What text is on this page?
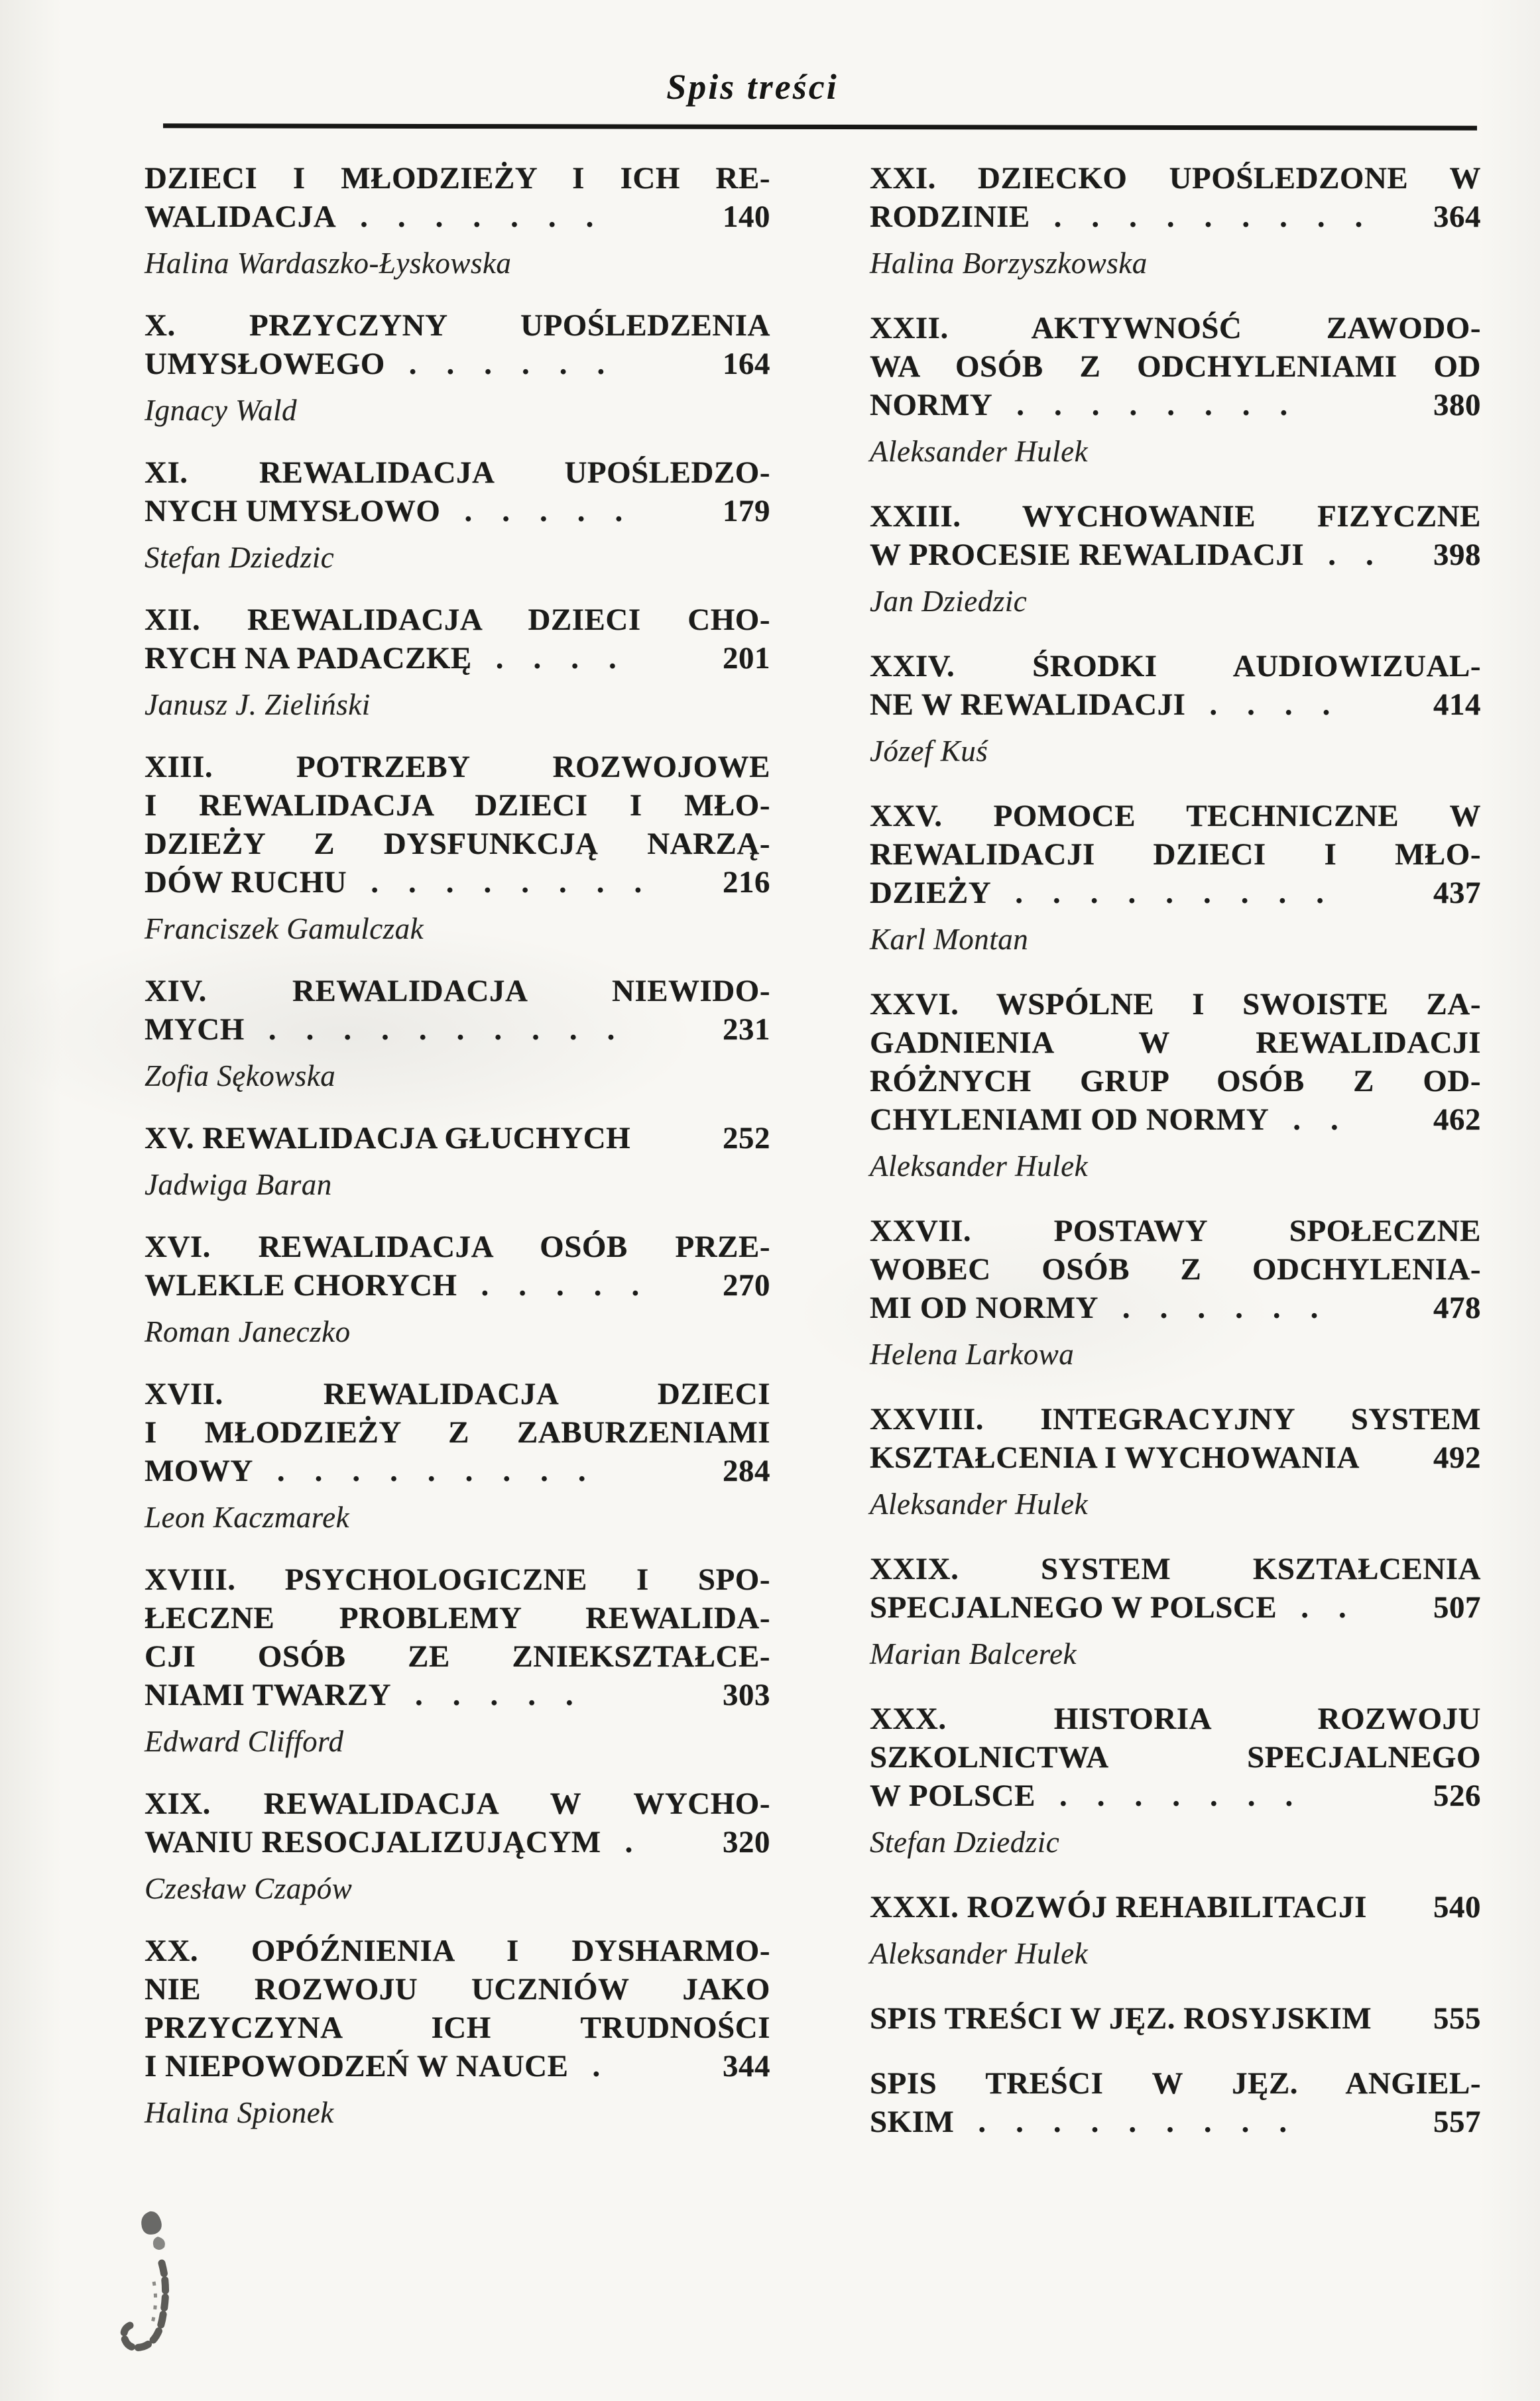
Spis treści
DZIECI I MŁODZIEŻY I ICH RE-
WALIDACJA .......	140
Halina Wardaszko-Łyskowska
X. PRZYCZYNY UPOŚLEDZENIA
UMYSŁOWEGO ......	164
Ignacy Wald
XI. REWALIDACJA UPOŚLEDZO-
NYCH UMYSŁOWO .....	179
Stefan Dziedzic
XII. REWALIDACJA DZIECI CHO-
RYCH NA PADACZKĘ ....	201
Janusz J. Zieliński
XIII. POTRZEBY ROZWOJOWE
I REWALIDACJA DZIECI I MŁO-
DZIEŻY Z DYSFUNKCJĄ NARZĄ-
DÓW RUCHU ........	216
Franciszek Gamulczak
XIV. REWALIDACJA NIEWIDO-
MYCH ..........	231
Zofia Sękowska
XV. REWALIDACJA GŁUCHYCH	252
Jadwiga Baran
XVI. REWALIDACJA OSÓB PRZE-
WLEKLE CHORYCH .....	270
Roman Janeczko
XVII. REWALIDACJA DZIECI
I MŁODZIEŻY Z ZABURZENIAMI
MOWY .........	284
Leon Kaczmarek
XVIII. PSYCHOLOGICZNE I SPO-
ŁECZNE PROBLEMY REWALIDA-
CJI OSÓB ZE ZNIEKSZTAŁCE-
NIAMI TWARZY .....	303
Edward Clifford
XIX. REWALIDACJA W WYCHO-
WANIU RESOCJALIZUJĄCYM .	320
Czesław Czapów
XX. OPÓŹNIENIA I DYSHARMO-
NIE ROZWOJU UCZNIÓW JAKO
PRZYCZYNA ICH TRUDNOŚCI
I NIEPOWODZEŃ W NAUCE .	344
Halina Spionek
XXI. DZIECKO UPOŚLEDZONE W
RODZINIE .........	364
Halina Borzyszkowska
XXII. AKTYWNOŚĆ ZAWODO-
WA OSÓB Z ODCHYLENIAMI OD
NORMY ........	380
Aleksander Hulek
XXIII. WYCHOWANIE FIZYCZNE
W PROCESIE REWALIDACJI .. 398
Jan Dziedzic
XXIV. ŚRODKI AUDIOWIZUAL-
NE W REWALIDACJI ....	414
Józef Kuś
XXV. POMOCE TECHNICZNE W
REWALIDACJI DZIECI I MŁO-
DZIEŻY .........	437
Karl Montan
XXVI. WSPÓLNE I SWOISTE ZA-
GADNIENIA W REWALIDACJI
RÓŻNYCH GRUP OSÓB Z OD-
CHYLENIAMI OD NORMY ..	462
Aleksander Hulek
XXVII. POSTAWY SPOŁECZNE
WOBEC OSÓB Z ODCHYLENIA-
MI OD NORMY ......	478
Helena Larkowa
XXVIII. INTEGRACYJNY SYSTEM
KSZTAŁCENIA I WYCHOWANIA 492
Aleksander Hulek
XXIX. SYSTEM KSZTAŁCENIA
SPECJALNEGO W POLSCE ..	507
Marian Balcerek
XXX. HISTORIA ROZWOJU
SZKOLNICTWA SPECJALNEGO
W POLSCE .......	526
Stefan Dziedzic
XXXI. ROZWÓJ REHABILITACJI 540
Aleksander Hulek
SPIS TREŚCI W JĘZ. ROSYJSKIM 555
SPIS TREŚCI W JĘZ. ANGIEL-
SKIM .........	557
